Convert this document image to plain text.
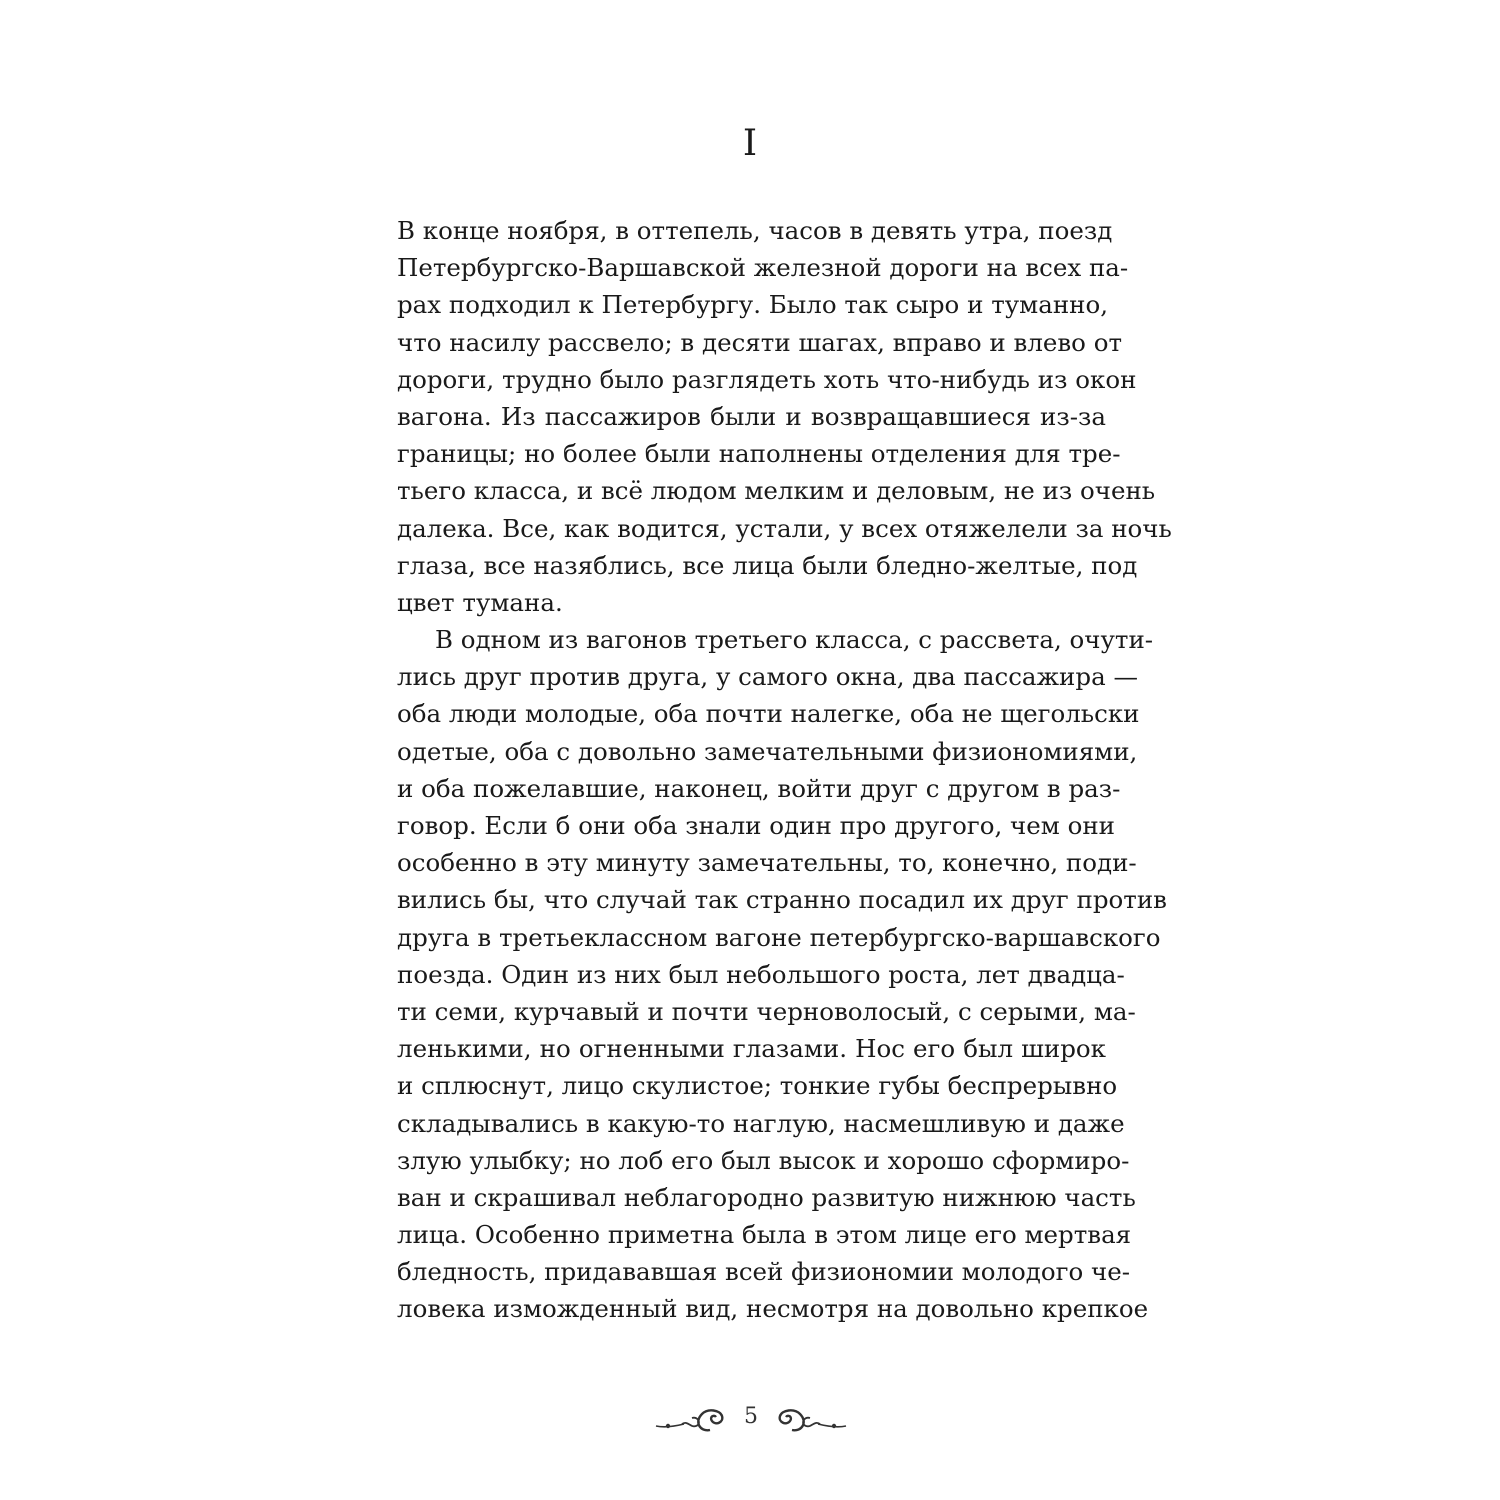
I
В конце ноября, в оттепель, часов в девять утра, поезд
Петербургско-Варшавской железной дороги на всех па-
рах подходил к Петербургу. Было так сыро и туманно,
что насилу рассвело; в десяти шагах, вправо и влево от
дороги, трудно было разглядеть хоть что-нибудь из окон
вагона. Из пассажиров были и возвращавшиеся из-за
границы; но более были наполнены отделения для тре-
тьего класса, и всё людом мелким и деловым, не из очень
далека. Все, как водится, устали, у всех отяжелели за ночь
глаза, все назяблись, все лица были бледно-желтые, под
цвет тумана.
В одном из вагонов третьего класса, с рассвета, очути-
лись друг против друга, у самого окна, два пассажира —
оба люди молодые, оба почти налегке, оба не щегольски
одетые, оба с довольно замечательными физиономиями,
и оба пожелавшие, наконец, войти друг с другом в раз-
говор. Если б они оба знали один про другого, чем они
особенно в эту минуту замечательны, то, конечно, поди-
вились бы, что случай так странно посадил их друг против
друга в третьеклассном вагоне петербургско-варшавского
поезда. Один из них был небольшого роста, лет двадца-
ти семи, курчавый и почти черноволосый, с серыми, ма-
ленькими, но огненными глазами. Нос его был широк
и сплюснут, лицо скулистое; тонкие губы беспрерывно
складывались в какую-то наглую, насмешливую и даже
злую улыбку; но лоб его был высок и хорошо сформиро-
ван и скрашивал неблагородно развитую нижнюю часть
лица. Особенно приметна была в этом лице его мертвая
бледность, придававшая всей физиономии молодого че-
ловека изможденный вид, несмотря на довольно крепкое
5
